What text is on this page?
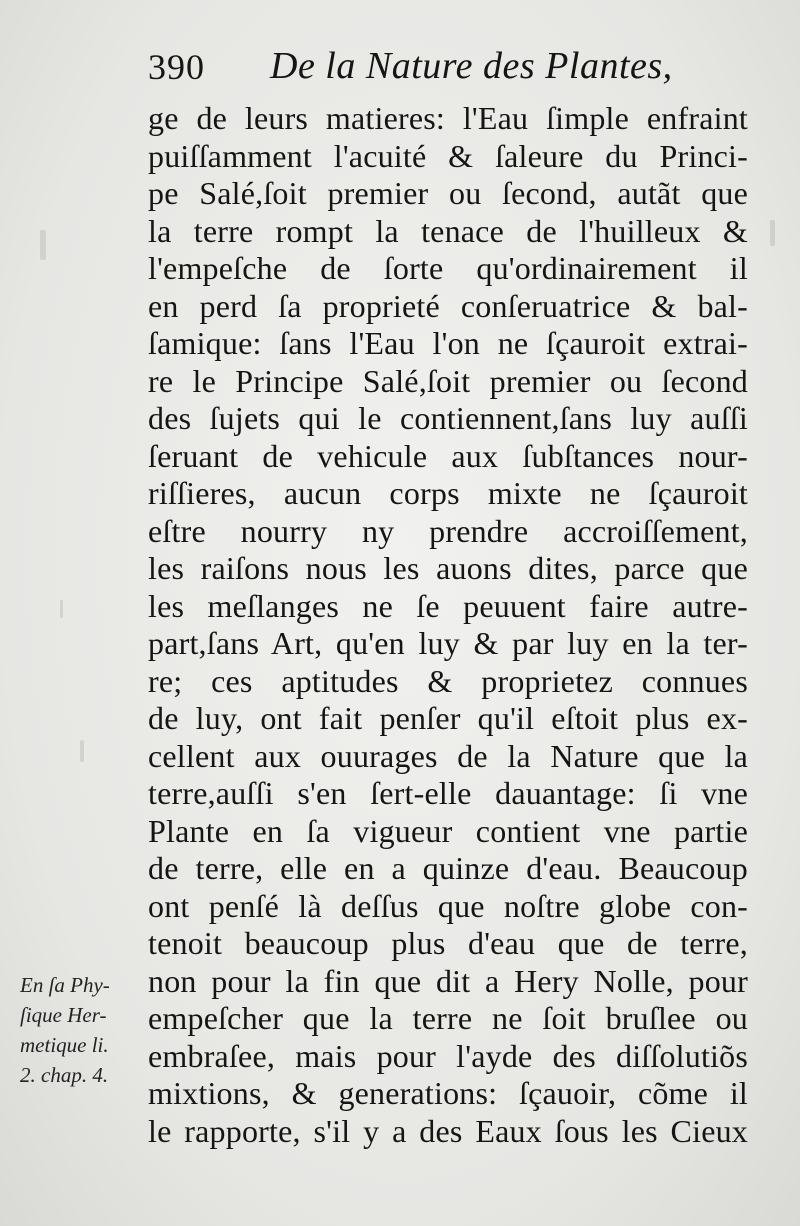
390 De la Nature des Plantes,
ge de leurs matieres: l'Eau ſimple enfraint
puiſſamment l'acuité & ſaleure du Princi-
pe Salé,ſoit premier ou ſecond, autãt que
la terre rompt la tenace de l'huilleux &
l'empeſche de ſorte qu'ordinairement il
en perd ſa proprieté conſeruatrice & bal-
ſamique: ſans l'Eau l'on ne ſçauroit extrai-
re le Principe Salé,ſoit premier ou ſecond
des ſujets qui le contiennent,ſans luy auſſi
ſeruant de vehicule aux ſubſtances nour-
riſſieres, aucun corps mixte ne ſçauroit
eſtre nourry ny prendre accroiſſement,
les raiſons nous les auons dites, parce que
les meſlanges ne ſe peuuent faire autre-
part,ſans Art, qu'en luy & par luy en la ter-
re; ces aptitudes & proprietez connues
de luy, ont fait penſer qu'il eſtoit plus ex-
cellent aux ouurages de la Nature que la
terre,auſſi s'en ſert-elle dauantage: ſi vne
Plante en ſa vigueur contient vne partie
de terre, elle en a quinze d'eau. Beaucoup
ont penſé là deſſus que noſtre globe con-
tenoit beaucoup plus d'eau que de terre,
non pour la fin que dit a Hery Nolle, pour
empeſcher que la terre ne ſoit bruſlee ou
embraſee, mais pour l'ayde des diſſolutiõs
mixtions, & generations: ſçauoir, cõme il
le rapporte, s'il y a des Eaux ſous les Cieux
En ſa Phy-
ſique Her-
metique li.
2. chap. 4.
